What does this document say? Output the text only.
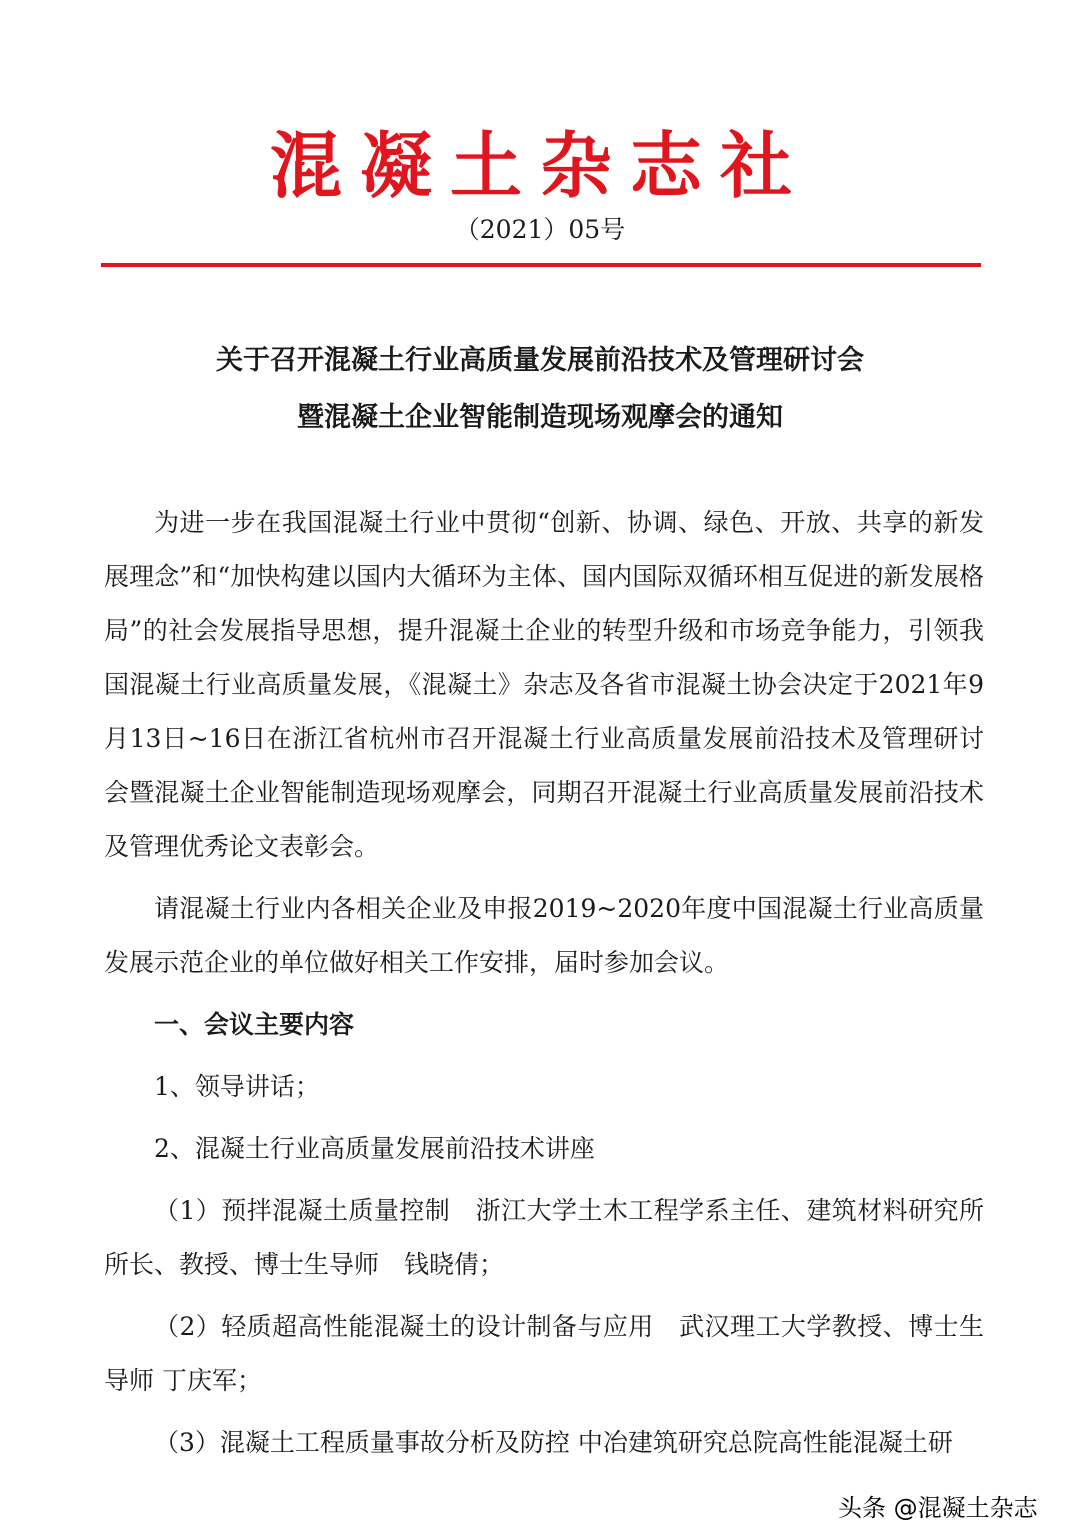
混凝土杂志社
（2021）05号
关于召开混凝土行业高质量发展前沿技术及管理研讨会
暨混凝土企业智能制造现场观摩会的通知

为进一步在我国混凝土行业中贯彻“创新、协调、绿色、开放、共享的新发展理念”和“加快构建以国内大循环为主体、国内国际双循环相互促进的新发展格局”的社会发展指导思想，提升混凝土企业的转型升级和市场竞争能力，引领我国混凝土行业高质量发展，《混凝土》杂志及各省市混凝土协会决定于2021年9月13日~16日在浙江省杭州市召开混凝土行业高质量发展前沿技术及管理研讨会暨混凝土企业智能制造现场观摩会，同期召开混凝土行业高质量发展前沿技术及管理优秀论文表彰会。

请混凝土行业内各相关企业及申报2019~2020年度中国混凝土行业高质量发展示范企业的单位做好相关工作安排，届时参加会议。

一、会议主要内容

1、领导讲话；

2、混凝土行业高质量发展前沿技术讲座

（1）预拌混凝土质量控制　浙江大学土木工程学系主任、建筑材料研究所所长、教授、博士生导师　钱晓倩；

（2）轻质超高性能混凝土的设计制备与应用　武汉理工大学教授、博士生导师 丁庆军；

（3）混凝土工程质量事故分析及防控 中冶建筑研究总院高性能混凝土研

头条 @混凝土杂志
